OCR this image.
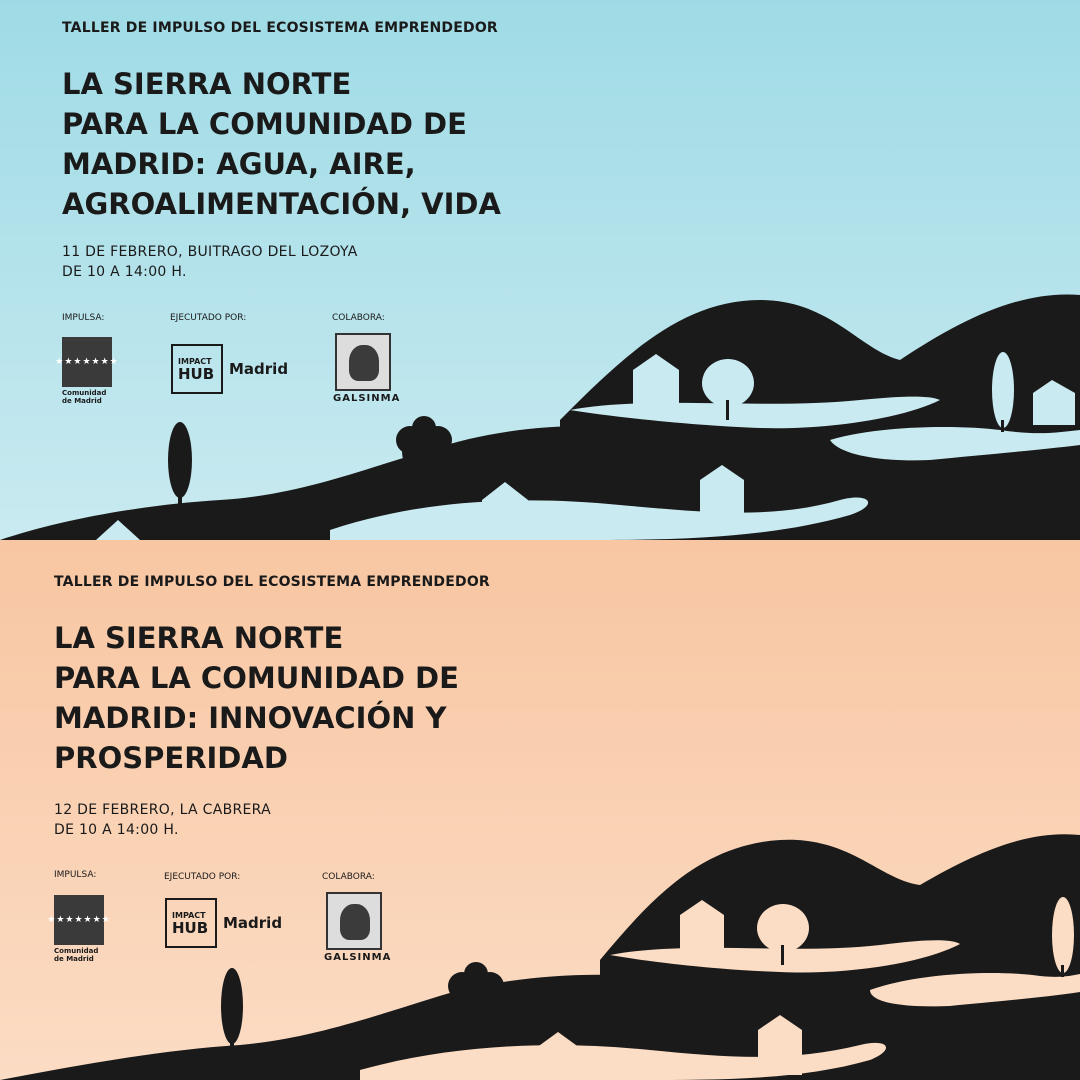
TALLER DE IMPULSO DEL ECOSISTEMA EMPRENDEDOR
LA SIERRA NORTE
PARA LA COMUNIDAD DE
MADRID: AGUA, AIRE,
AGROALIMENTACIÓN, VIDA
11 DE FEBRERO, BUITRAGO DEL LOZOYA
DE 10 A 14:00 H.
IMPULSA:	EJECUTADO POR:	COLABORA:
★★★★★★★
Comunidad
de Madrid
IMPACT
HUB Madrid
GALSINMA
TALLER DE IMPULSO DEL ECOSISTEMA EMPRENDEDOR
LA SIERRA NORTE
PARA LA COMUNIDAD DE
MADRID: INNOVACIÓN Y
PROSPERIDAD
12 DE FEBRERO, LA CABRERA
DE 10 A 14:00 H.
IMPULSA:	EJECUTADO POR:	COLABORA:
★★★★★★★
Comunidad
de Madrid
IMPACT
HUB Madrid
GALSINMA
